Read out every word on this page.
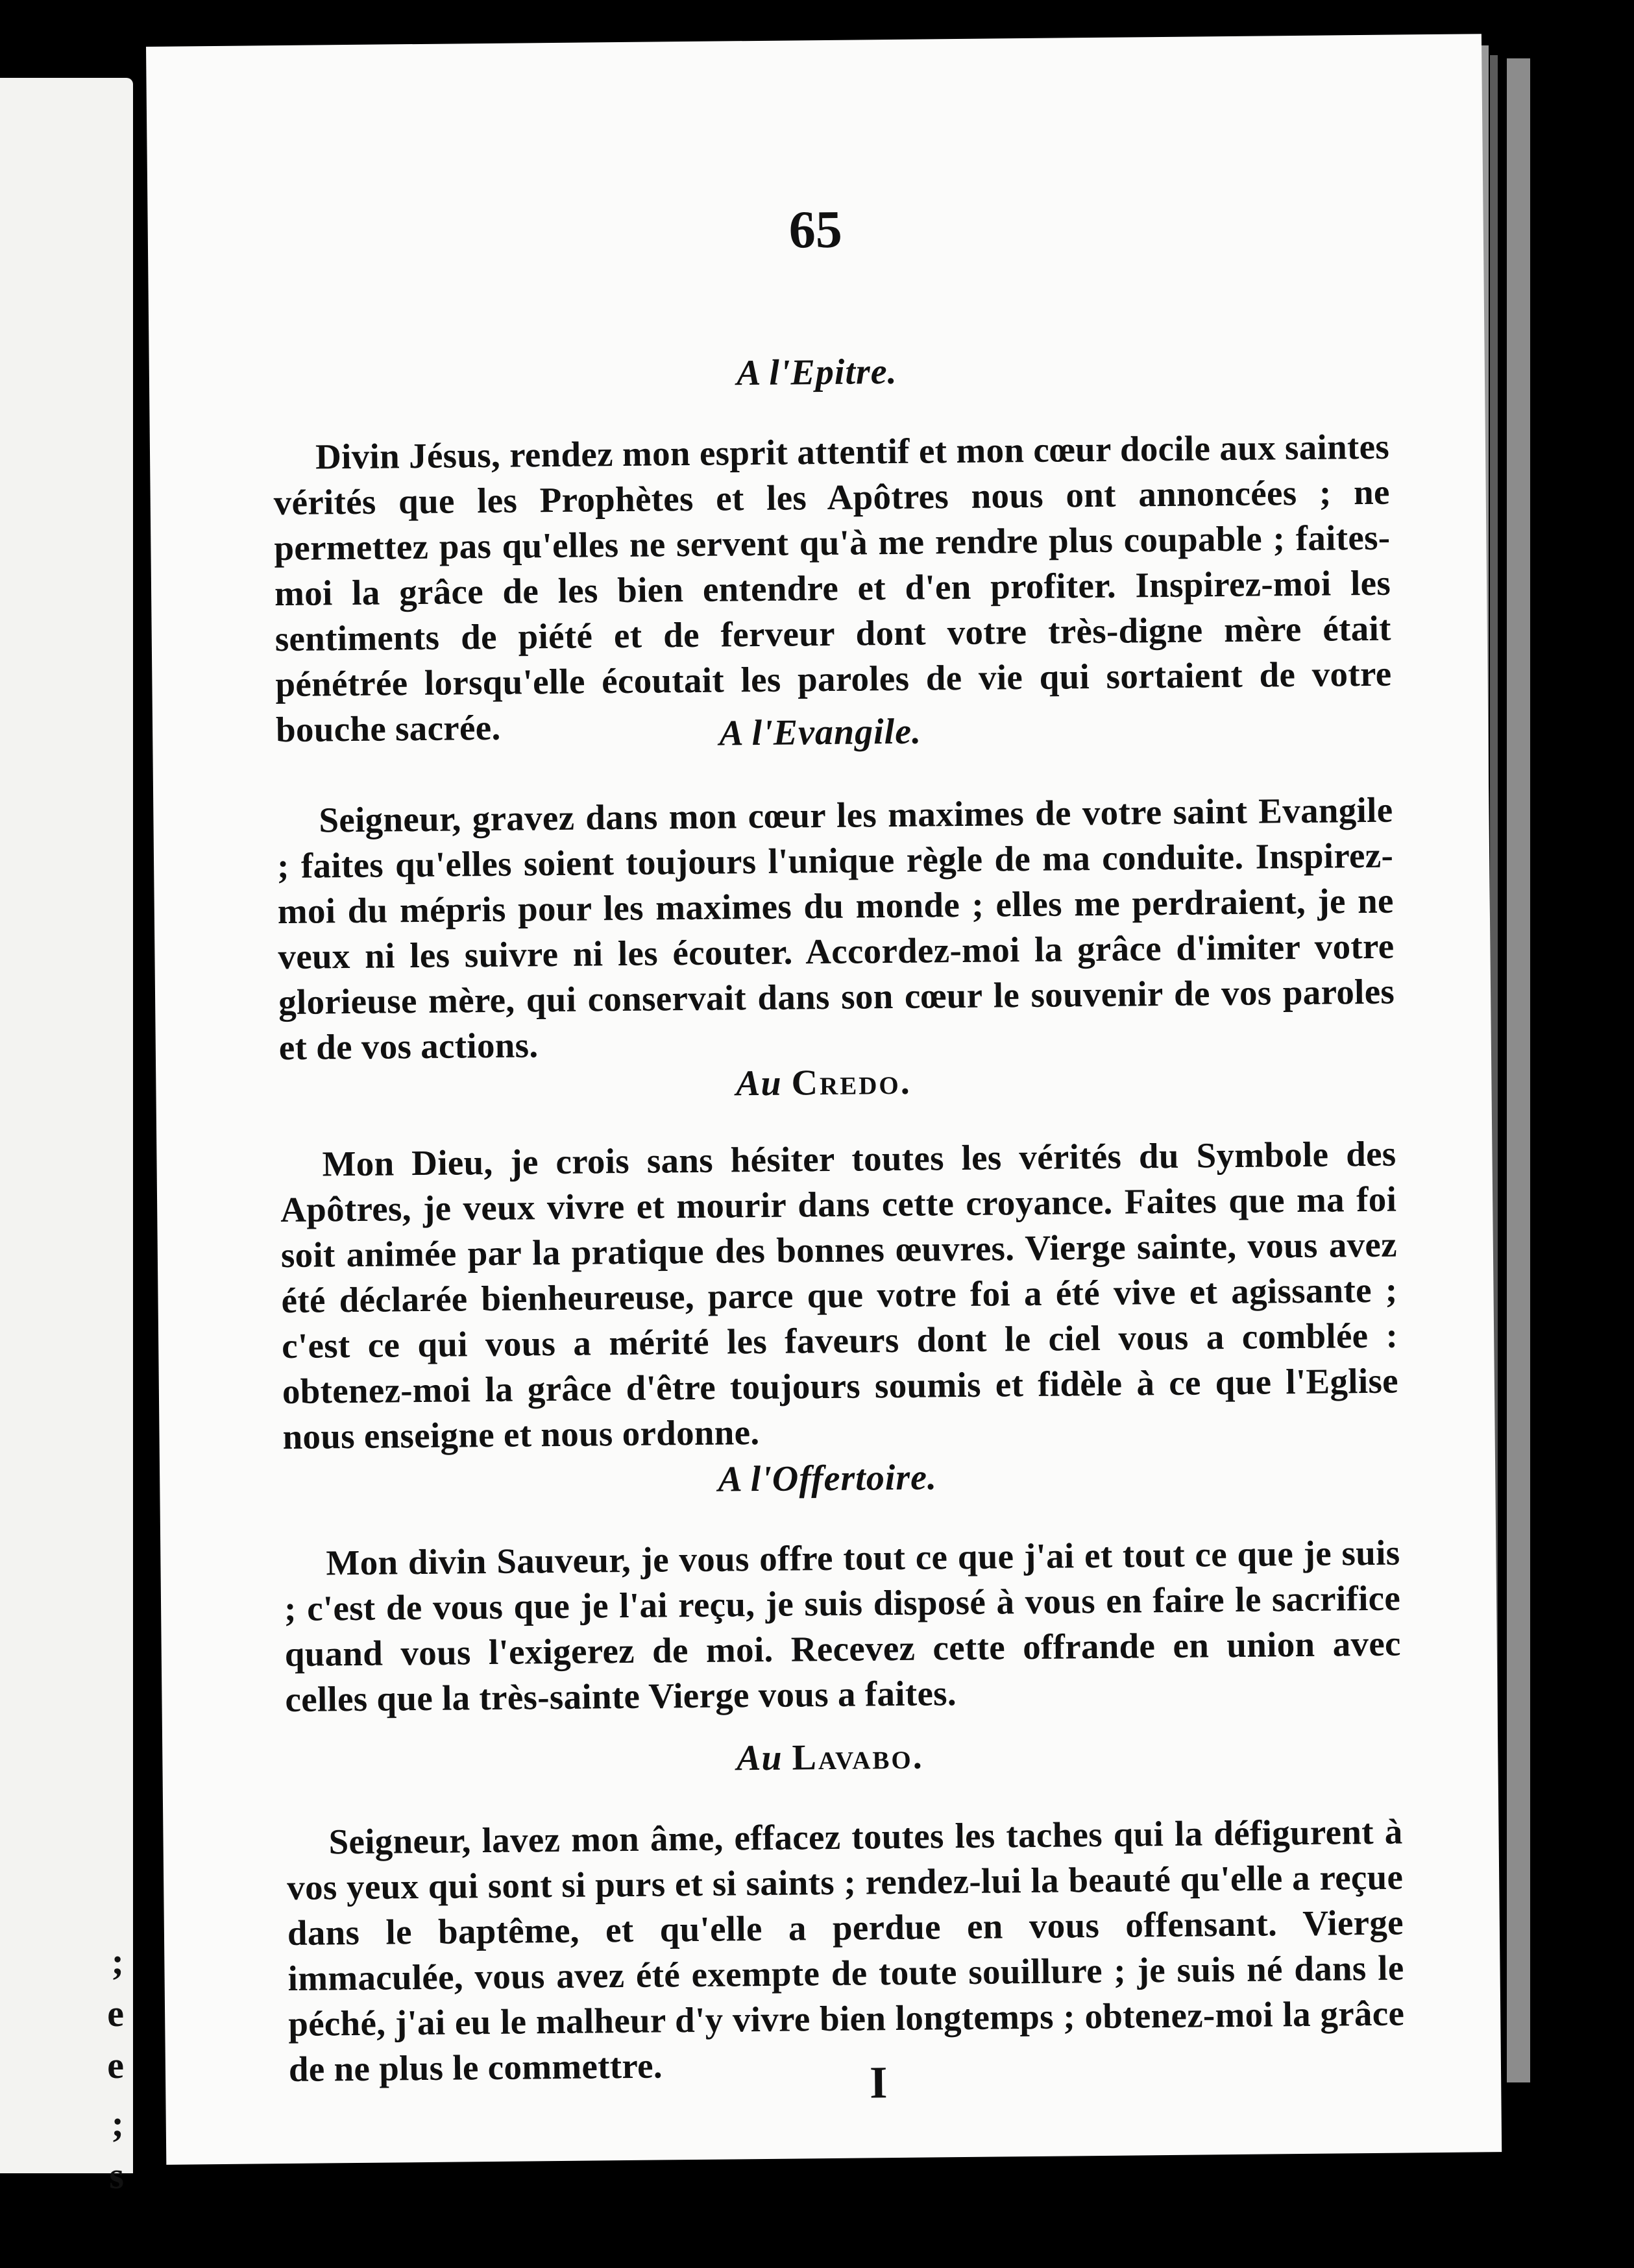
;
e
e
;
s
65
A l'Epitre.
Divin Jésus, rendez mon esprit attentif et mon cœur docile aux saintes vérités que les Prophètes et les Apôtres nous ont annoncées ; ne permettez pas qu'elles ne servent qu'à me rendre plus coupable ; faites-moi la grâce de les bien entendre et d'en profiter. Inspirez-moi les sentiments de piété et de ferveur dont votre très-digne mère était pénétrée lorsqu'elle écoutait les paroles de vie qui sortaient de votre bouche sacrée.	A l'Evangile.
Seigneur, gravez dans mon cœur les maximes de votre saint Evangile ; faites qu'elles soient toujours l'unique règle de ma conduite. Inspirez-moi du mépris pour les maximes du monde ; elles me perdraient, je ne veux ni les suivre ni les écouter. Accordez-moi la grâce d'imiter votre glorieuse mère, qui conservait dans son cœur le souvenir de vos paroles et de vos actions.
Au Credo.
Mon Dieu, je crois sans hésiter toutes les vérités du Symbole des Apôtres, je veux vivre et mourir dans cette croyance. Faites que ma foi soit animée par la pratique des bonnes œuvres. Vierge sainte, vous avez été déclarée bienheureuse, parce que votre foi a été vive et agissante ; c'est ce qui vous a mérité les faveurs dont le ciel vous a comblée : obtenez-moi la grâce d'être toujours soumis et fidèle à ce que l'Eglise nous enseigne et nous ordonne.
A l'Offertoire.
Mon divin Sauveur, je vous offre tout ce que j'ai et tout ce que je suis ; c'est de vous que je l'ai reçu, je suis disposé à vous en faire le sacrifice quand vous l'exigerez de moi. Recevez cette offrande en union avec celles que la très-sainte Vierge vous a faites.
Au Lavabo.
Seigneur, lavez mon âme, effacez toutes les taches qui la défigurent à vos yeux qui sont si purs et si saints ; rendez-lui la beauté qu'elle a reçue dans le baptême, et qu'elle a perdue en vous offensant. Vierge immaculée, vous avez été exempte de toute souillure ; je suis né dans le péché, j'ai eu le malheur d'y vivre bien longtemps ; obtenez-moi la grâce de ne plus le commettre.	I
